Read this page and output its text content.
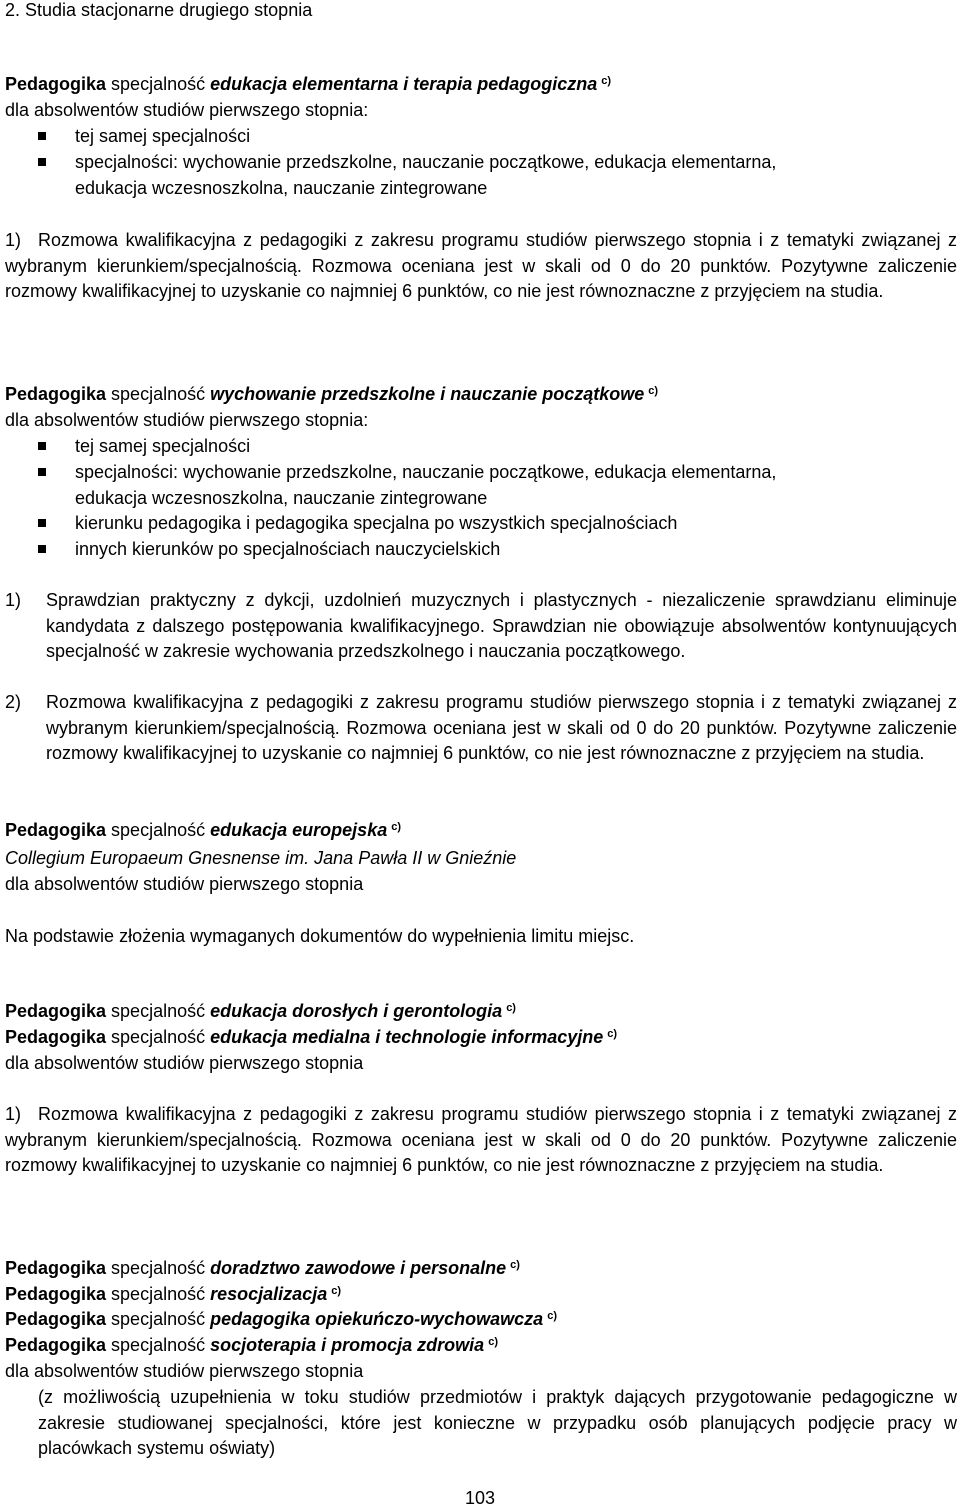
2. Studia stacjonarne drugiego stopnia
Pedagogika specjalność edukacja elementarna i terapia pedagogiczna $^{c)}$
dla absolwentów studiów pierwszego stopnia:
tej samej specjalności
specjalności: wychowanie przedszkolne, nauczanie początkowe, edukacja elementarna,
edukacja wczesnoszkolna, nauczanie zintegrowane
1) Rozmowa kwalifikacyjna z pedagogiki z zakresu programu studiów pierwszego stopnia i z tematyki związanej z wybranym kierunkiem/specjalnością. Rozmowa oceniana jest w skali od 0 do 20 punktów. Pozytywne zaliczenie rozmowy kwalifikacyjnej to uzyskanie co najmniej 6 punktów, co nie jest równoznaczne z przyjęciem na studia.
Pedagogika specjalność wychowanie przedszkolne i nauczanie początkowe $^{c)}$
dla absolwentów studiów pierwszego stopnia:
tej samej specjalności
specjalności: wychowanie przedszkolne, nauczanie początkowe, edukacja elementarna,
edukacja wczesnoszkolna, nauczanie zintegrowane
kierunku pedagogika i pedagogika specjalna po wszystkich specjalnościach
innych kierunków po specjalnościach nauczycielskich
1) Sprawdzian praktyczny z dykcji, uzdolnień muzycznych i plastycznych - niezaliczenie sprawdzianu eliminuje kandydata z dalszego postępowania kwalifikacyjnego. Sprawdzian nie obowiązuje absolwentów kontynuujących specjalność w zakresie wychowania przedszkolnego i nauczania początkowego.
2) Rozmowa kwalifikacyjna z pedagogiki z zakresu programu studiów pierwszego stopnia i z tematyki związanej z wybranym kierunkiem/specjalnością. Rozmowa oceniana jest w skali od 0 do 20 punktów. Pozytywne zaliczenie rozmowy kwalifikacyjnej to uzyskanie co najmniej 6 punktów, co nie jest równoznaczne z przyjęciem na studia.
Pedagogika specjalność edukacja europejska $^{c)}$
Collegium Europaeum Gnesnense im. Jana Pawła II w Gnieźnie
dla absolwentów studiów pierwszego stopnia
Na podstawie złożenia wymaganych dokumentów do wypełnienia limitu miejsc.
Pedagogika specjalność edukacja dorosłych i gerontologia $^{c)}$
Pedagogika specjalność edukacja medialna i technologie informacyjne $^{c)}$
dla absolwentów studiów pierwszego stopnia
1) Rozmowa kwalifikacyjna z pedagogiki z zakresu programu studiów pierwszego stopnia i z tematyki związanej z wybranym kierunkiem/specjalnością. Rozmowa oceniana jest w skali od 0 do 20 punktów. Pozytywne zaliczenie rozmowy kwalifikacyjnej to uzyskanie co najmniej 6 punktów, co nie jest równoznaczne z przyjęciem na studia.
Pedagogika specjalność doradztwo zawodowe i personalne $^{c)}$
Pedagogika specjalność resocjalizacja $^{c)}$
Pedagogika specjalność pedagogika opiekuńczo-wychowawcza $^{c)}$
Pedagogika specjalność socjoterapia i promocja zdrowia $^{c)}$
dla absolwentów studiów pierwszego stopnia
(z możliwością uzupełnienia w toku studiów przedmiotów i praktyk dających przygotowanie pedagogiczne w zakresie studiowanej specjalności, które jest konieczne w przypadku osób planujących podjęcie pracy w placówkach systemu oświaty)
103
